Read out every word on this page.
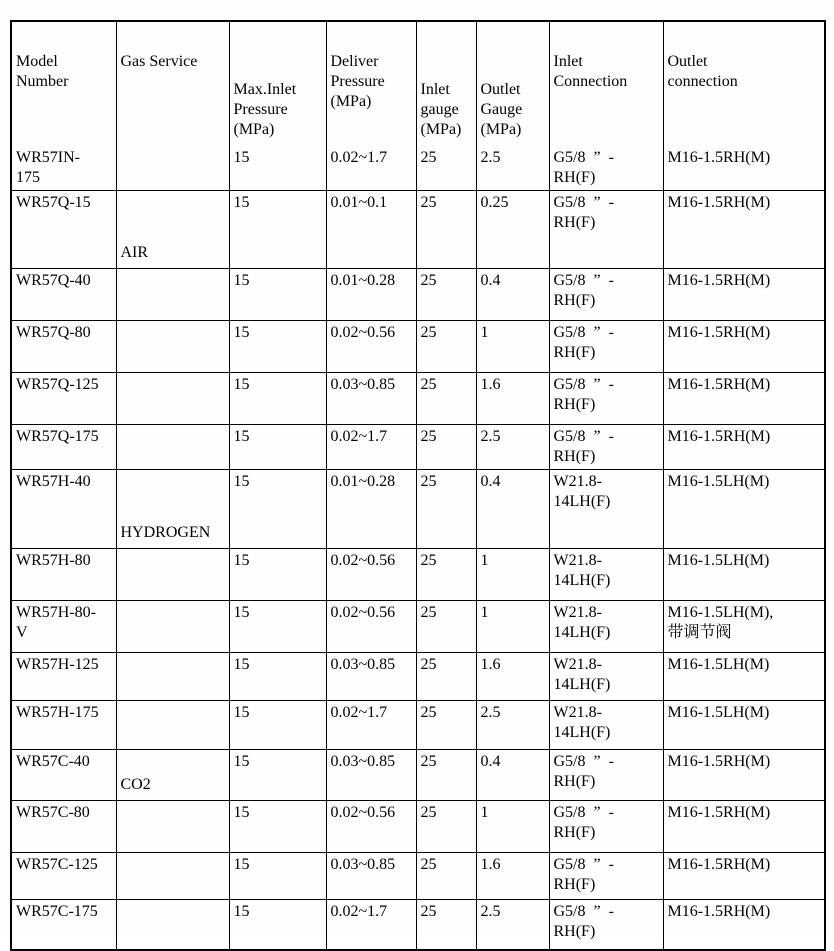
Model
Number	Gas Service	Max.Inlet
Pressure
(MPa)	Deliver
Pressure
(MPa)	Inlet
gauge
(MPa)	Outlet
Gauge
(MPa)	Inlet
Connection	Outlet
connection
WR57IN-
175		15	0.02~1.7	25	2.5	G5/8  ”  -
RH(F)	M16-1.5RH(M)
WR57Q-15	AIR	15	0.01~0.1	25	0.25	G5/8  ”  -
RH(F)	M16-1.5RH(M)
WR57Q-40		15	0.01~0.28	25	0.4	G5/8  ”  -
RH(F)	M16-1.5RH(M)
WR57Q-80		15	0.02~0.56	25	1	G5/8  ”  -
RH(F)	M16-1.5RH(M)
WR57Q-125		15	0.03~0.85	25	1.6	G5/8  ”  -
RH(F)	M16-1.5RH(M)
WR57Q-175		15	0.02~1.7	25	2.5	G5/8  ”  -
RH(F)	M16-1.5RH(M)
WR57H-40	HYDROGEN	15	0.01~0.28	25	0.4	W21.8-
14LH(F)	M16-1.5LH(M)
WR57H-80		15	0.02~0.56	25	1	W21.8-
14LH(F)	M16-1.5LH(M)
WR57H-80-
V		15	0.02~0.56	25	1	W21.8-
14LH(F)	M16-1.5LH(M),
带调节阀
WR57H-125		15	0.03~0.85	25	1.6	W21.8-
14LH(F)	M16-1.5LH(M)
WR57H-175		15	0.02~1.7	25	2.5	W21.8-
14LH(F)	M16-1.5LH(M)
WR57C-40	CO2	15	0.03~0.85	25	0.4	G5/8  ”  -
RH(F)	M16-1.5RH(M)
WR57C-80		15	0.02~0.56	25	1	G5/8  ”  -
RH(F)	M16-1.5RH(M)
WR57C-125		15	0.03~0.85	25	1.6	G5/8  ”  -
RH(F)	M16-1.5RH(M)
WR57C-175		15	0.02~1.7	25	2.5	G5/8  ”  -
RH(F)	M16-1.5RH(M)
